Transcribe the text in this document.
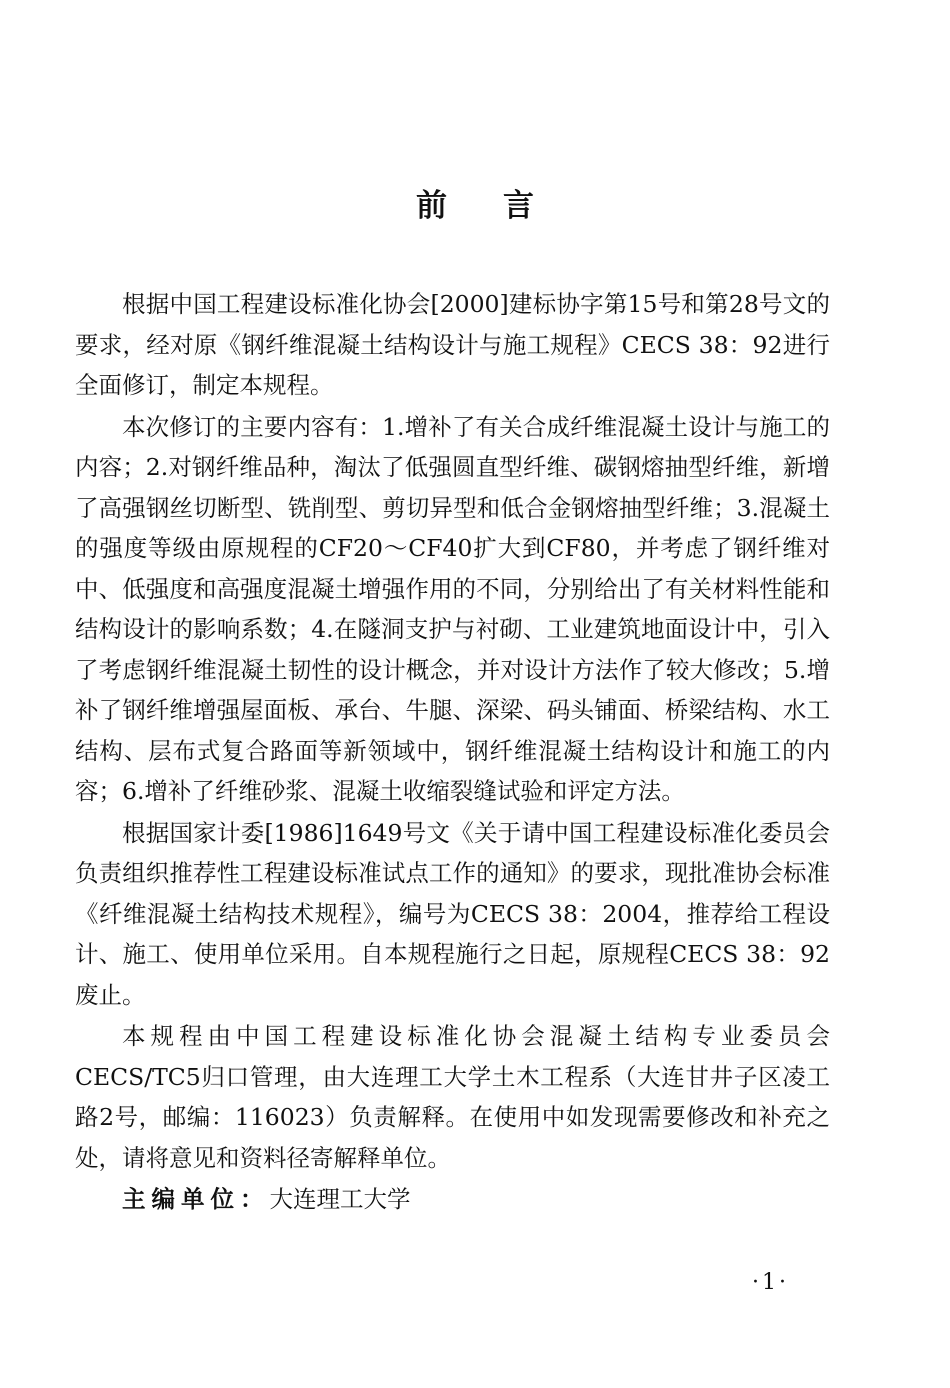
前言

根据中国工程建设标准化协会[2000]建标协字第15号和第28号文的要求，经对原《钢纤维混凝土结构设计与施工规程》CECS 38：92进行全面修订，制定本规程。

本次修订的主要内容有：1.增补了有关合成纤维混凝土设计与施工的内容；2.对钢纤维品种，淘汰了低强圆直型纤维、碳钢熔抽型纤维，新增了高强钢丝切断型、铣削型、剪切异型和低合金钢熔抽型纤维；3.混凝土的强度等级由原规程的CF20～CF40扩大到CF80，并考虑了钢纤维对中、低强度和高强度混凝土增强作用的不同，分别给出了有关材料性能和结构设计的影响系数；4.在隧洞支护与衬砌、工业建筑地面设计中，引入了考虑钢纤维混凝土韧性的设计概念，并对设计方法作了较大修改；5.增补了钢纤维增强屋面板、承台、牛腿、深梁、码头铺面、桥梁结构、水工结构、层布式复合路面等新领域中，钢纤维混凝土结构设计和施工的内容；6.增补了纤维砂浆、混凝土收缩裂缝试验和评定方法。

根据国家计委[1986]1649号文《关于请中国工程建设标准化委员会负责组织推荐性工程建设标准试点工作的通知》的要求，现批准协会标准《纤维混凝土结构技术规程》，编号为CECS 38：2004，推荐给工程设计、施工、使用单位采用。自本规程施行之日起，原规程CECS 38：92废止。

本规程由中国工程建设标准化协会混凝土结构专业委员会CECS/TC5归口管理，由大连理工大学土木工程系（大连甘井子区凌工路2号，邮编：116023）负责解释。在使用中如发现需要修改和补充之处，请将意见和资料径寄解释单位。

主编单位：大连理工大学

·1·
